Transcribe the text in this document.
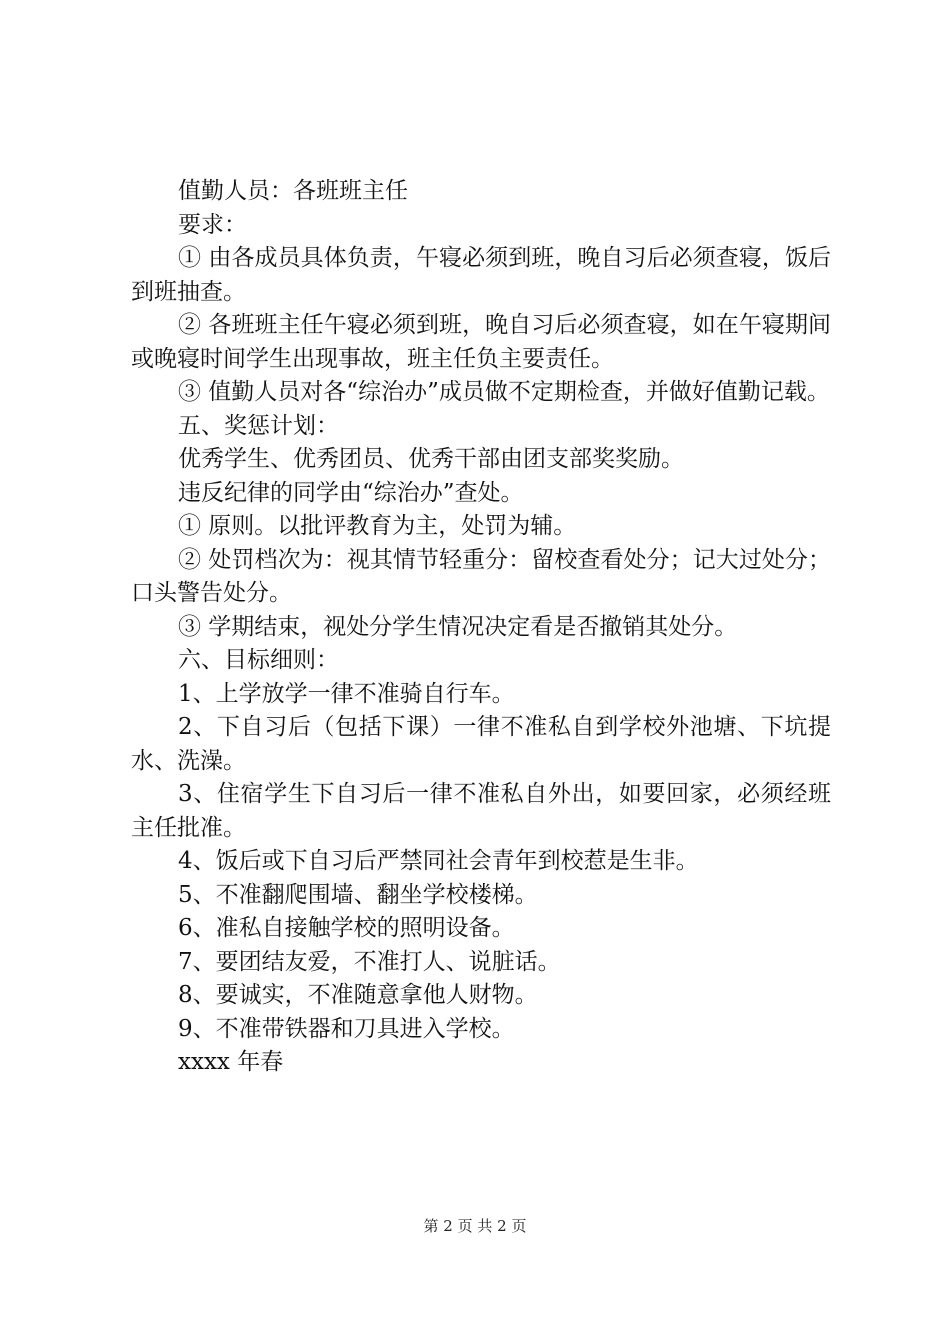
值勤人员：各班班主任

要求：

① 由各成员具体负责，午寝必须到班，晚自习后必须查寝，饭后到班抽查。

② 各班班主任午寝必须到班，晚自习后必须查寝，如在午寝期间或晚寝时间学生出现事故，班主任负主要责任。

③ 值勤人员对各“综治办”成员做不定期检查，并做好值勤记载。

五、奖惩计划：

优秀学生、优秀团员、优秀干部由团支部奖奖励。

违反纪律的同学由“综治办”查处。

① 原则。以批评教育为主，处罚为辅。

② 处罚档次为：视其情节轻重分：留校查看处分；记大过处分；口头警告处分。

③ 学期结束，视处分学生情况决定看是否撤销其处分。

六、目标细则：

1、上学放学一律不准骑自行车。

2、下自习后（包括下课）一律不准私自到学校外池塘、下坑提水、洗澡。

3、住宿学生下自习后一律不准私自外出，如要回家，必须经班主任批准。

4、饭后或下自习后严禁同社会青年到校惹是生非。

5、不准翻爬围墙、翻坐学校楼梯。

6、准私自接触学校的照明设备。

7、要团结友爱，不准打人、说脏话。

8、要诚实，不准随意拿他人财物。

9、不准带铁器和刀具进入学校。

xxxx 年春

第 2 页 共 2 页
